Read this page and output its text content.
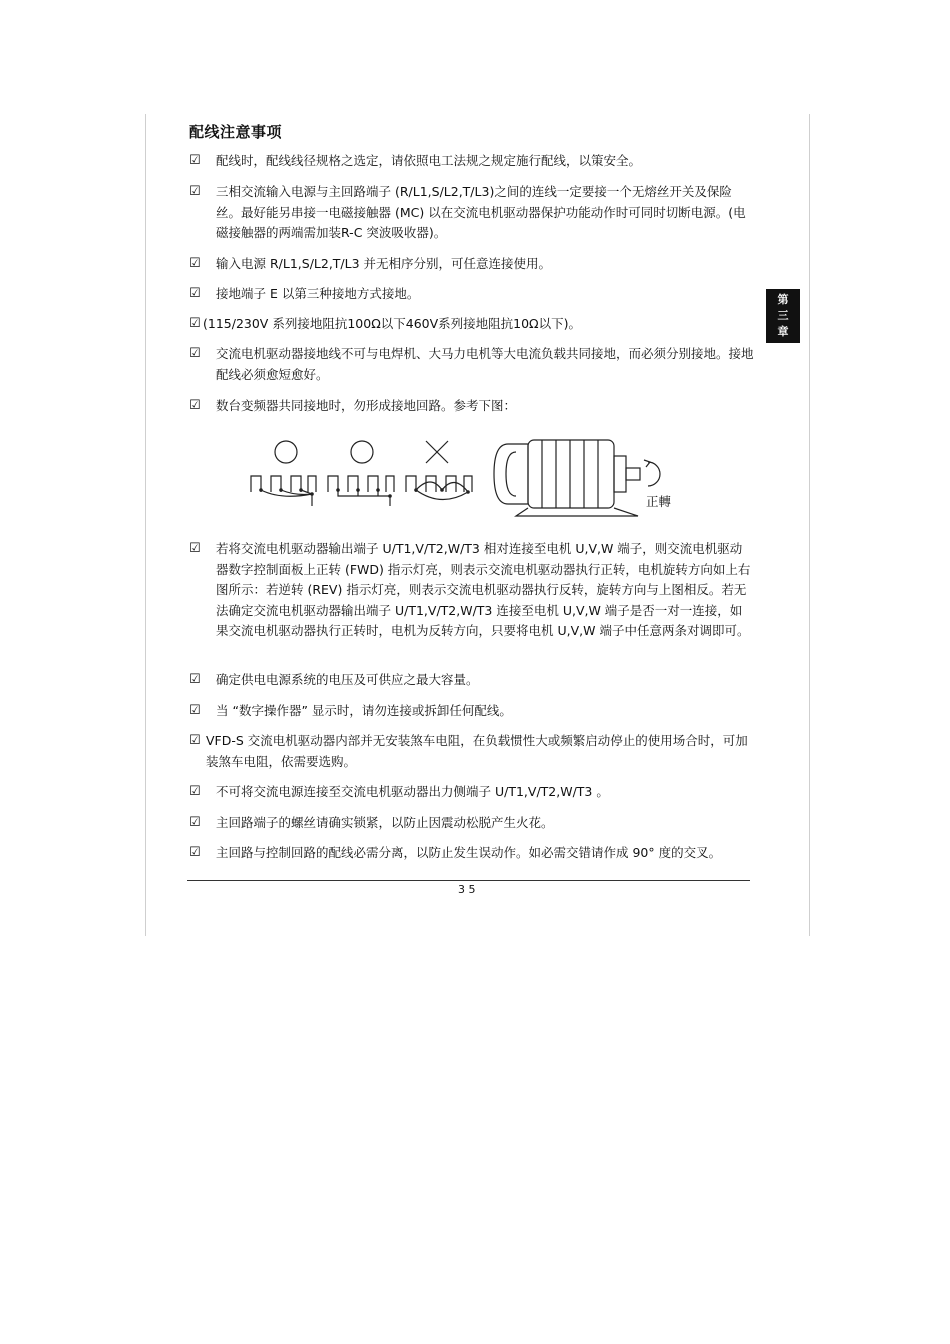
配线注意事项
第
三
章
☑ 配线时，配线线径规格之选定，请依照电工法规之规定施行配线，以策安全。
☑ 三相交流输入电源与主回路端子 (R/L1,S/L2,T/L3)之间的连线一定要接一个无熔丝开关及保险丝。最好能另串接一电磁接触器 (MC) 以在交流电机驱动器保护功能动作时可同时切断电源。(电磁接触器的两端需加装R-C 突波吸收器)。
☑ 输入电源 R/L1,S/L2,T/L3 并无相序分别，可任意连接使用。
☑ 接地端子 E 以第三种接地方式接地。
☑ (115/230V 系列接地阻抗100Ω以下460V系列接地阻抗10Ω以下)。
☑ 交流电机驱动器接地线不可与电焊机、大马力电机等大电流负载共同接地，而必须分别接地。接地配线必须愈短愈好。
☑ 数台变频器共同接地时，勿形成接地回路。参考下图：
正轉
☑ 若将交流电机驱动器输出端子 U/T1,V/T2,W/T3 相对连接至电机 U,V,W 端子，则交流电机驱动器数字控制面板上正转 (FWD) 指示灯亮，则表示交流电机驱动器执行正转，电机旋转方向如上右图所示：若逆转 (REV) 指示灯亮，则表示交流电机驱动器执行反转，旋转方向与上图相反。若无法确定交流电机驱动器输出端子 U/T1,V/T2,W/T3 连接至电机 U,V,W 端子是否一对一连接，如果交流电机驱动器执行正转时，电机为反转方向，只要将电机 U,V,W 端子中任意两条对调即可。
☑ 确定供电电源系统的电压及可供应之最大容量。
☑ 当 “数字操作器” 显示时，请勿连接或拆卸任何配线。
☑ VFD-S 交流电机驱动器内部并无安装煞车电阻，在负载惯性大或频繁启动停止的使用场合时，可加装煞车电阻，依需要选购。
☑ 不可将交流电源连接至交流电机驱动器出力侧端子 U/T1,V/T2,W/T3 。
☑ 主回路端子的螺丝请确实锁紧，以防止因震动松脱产生火花。
☑ 主回路与控制回路的配线必需分离，以防止发生误动作。如必需交错请作成 90° 度的交叉。
3 5
